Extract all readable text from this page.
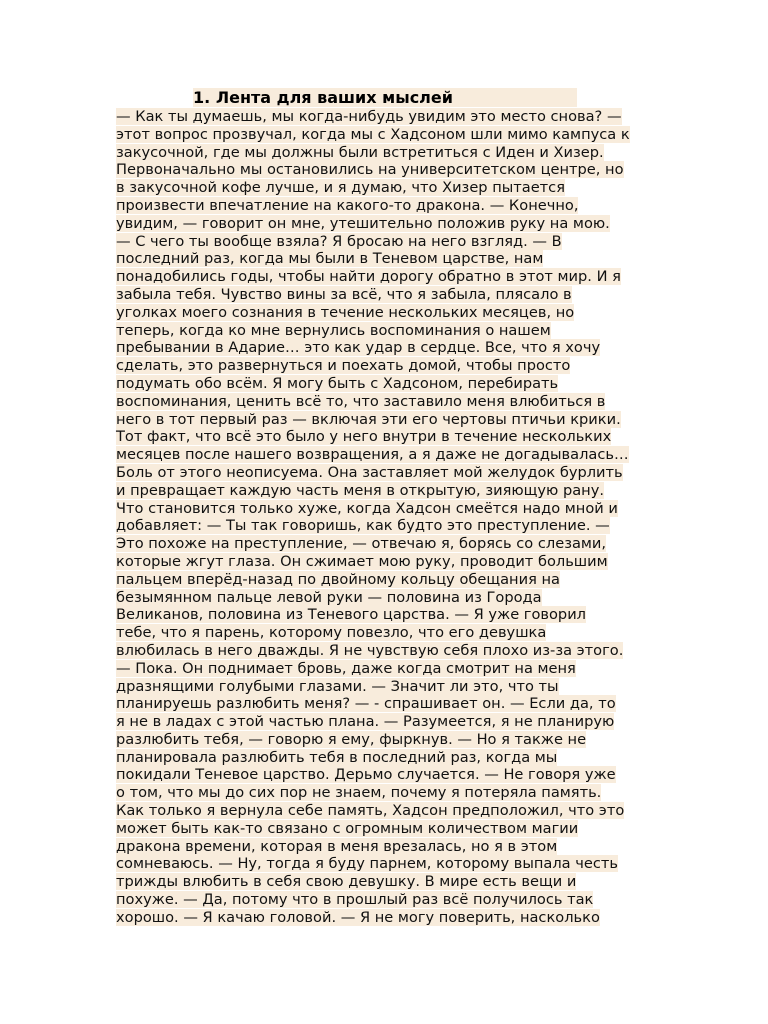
1. Лента для ваших мыслей
— Как ты думаешь, мы когда-нибудь увидим это место снова? —
этот вопрос прозвучал, когда мы с Хадсоном шли мимо кампуса к
закусочной, где мы должны были встретиться с Иден и Хизер.
Первоначально мы остановились на университетском центре, но
в закусочной кофе лучше, и я думаю, что Хизер пытается
произвести впечатление на какого-то дракона. — Конечно,
увидим, — говорит он мне, утешительно положив руку на мою.
— С чего ты вообще взяла? Я бросаю на него взгляд. — В
последний раз, когда мы были в Теневом царстве, нам
понадобились годы, чтобы найти дорогу обратно в этот мир. И я
забыла тебя. Чувство вины за всё, что я забыла, плясало в
уголках моего сознания в течение нескольких месяцев, но
теперь, когда ко мне вернулись воспоминания о нашем
пребывании в Адарие… это как удар в сердце. Все, что я хочу
сделать, это развернуться и поехать домой, чтобы просто
подумать обо всём. Я могу быть с Хадсоном, перебирать
воспоминания, ценить всё то, что заставило меня влюбиться в
него в тот первый раз — включая эти его чертовы птичьи крики.
Тот факт, что всё это было у него внутри в течение нескольких
месяцев после нашего возвращения, а я даже не догадывалась…
Боль от этого неописуема. Она заставляет мой желудок бурлить
и превращает каждую часть меня в открытую, зияющую рану.
Что становится только хуже, когда Хадсон смеётся надо мной и
добавляет: — Ты так говоришь, как будто это преступление. —
Это похоже на преступление, — отвечаю я, борясь со слезами,
которые жгут глаза. Он сжимает мою руку, проводит большим
пальцем вперёд-назад по двойному кольцу обещания на
безымянном пальце левой руки — половина из Города
Великанов, половина из Теневого царства. — Я уже говорил
тебе, что я парень, которому повезло, что его девушка
влюбилась в него дважды. Я не чувствую себя плохо из-за этого.
— Пока. Он поднимает бровь, даже когда смотрит на меня
дразнящими голубыми глазами. — Значит ли это, что ты
планируешь разлюбить меня? — - спрашивает он. — Если да, то
я не в ладах с этой частью плана. — Разумеется, я не планирую
разлюбить тебя, — говорю я ему, фыркнув. — Но я также не
планировала разлюбить тебя в последний раз, когда мы
покидали Теневое царство. Дерьмо случается. — Не говоря уже
о том, что мы до сих пор не знаем, почему я потеряла память.
Как только я вернула себе память, Хадсон предположил, что это
может быть как-то связано с огромным количеством магии
дракона времени, которая в меня врезалась, но я в этом
сомневаюсь. — Ну, тогда я буду парнем, которому выпала честь
трижды влюбить в себя свою девушку. В мире есть вещи и
похуже. — Да, потому что в прошлый раз всё получилось так
хорошо. — Я качаю головой. — Я не могу поверить, насколько
